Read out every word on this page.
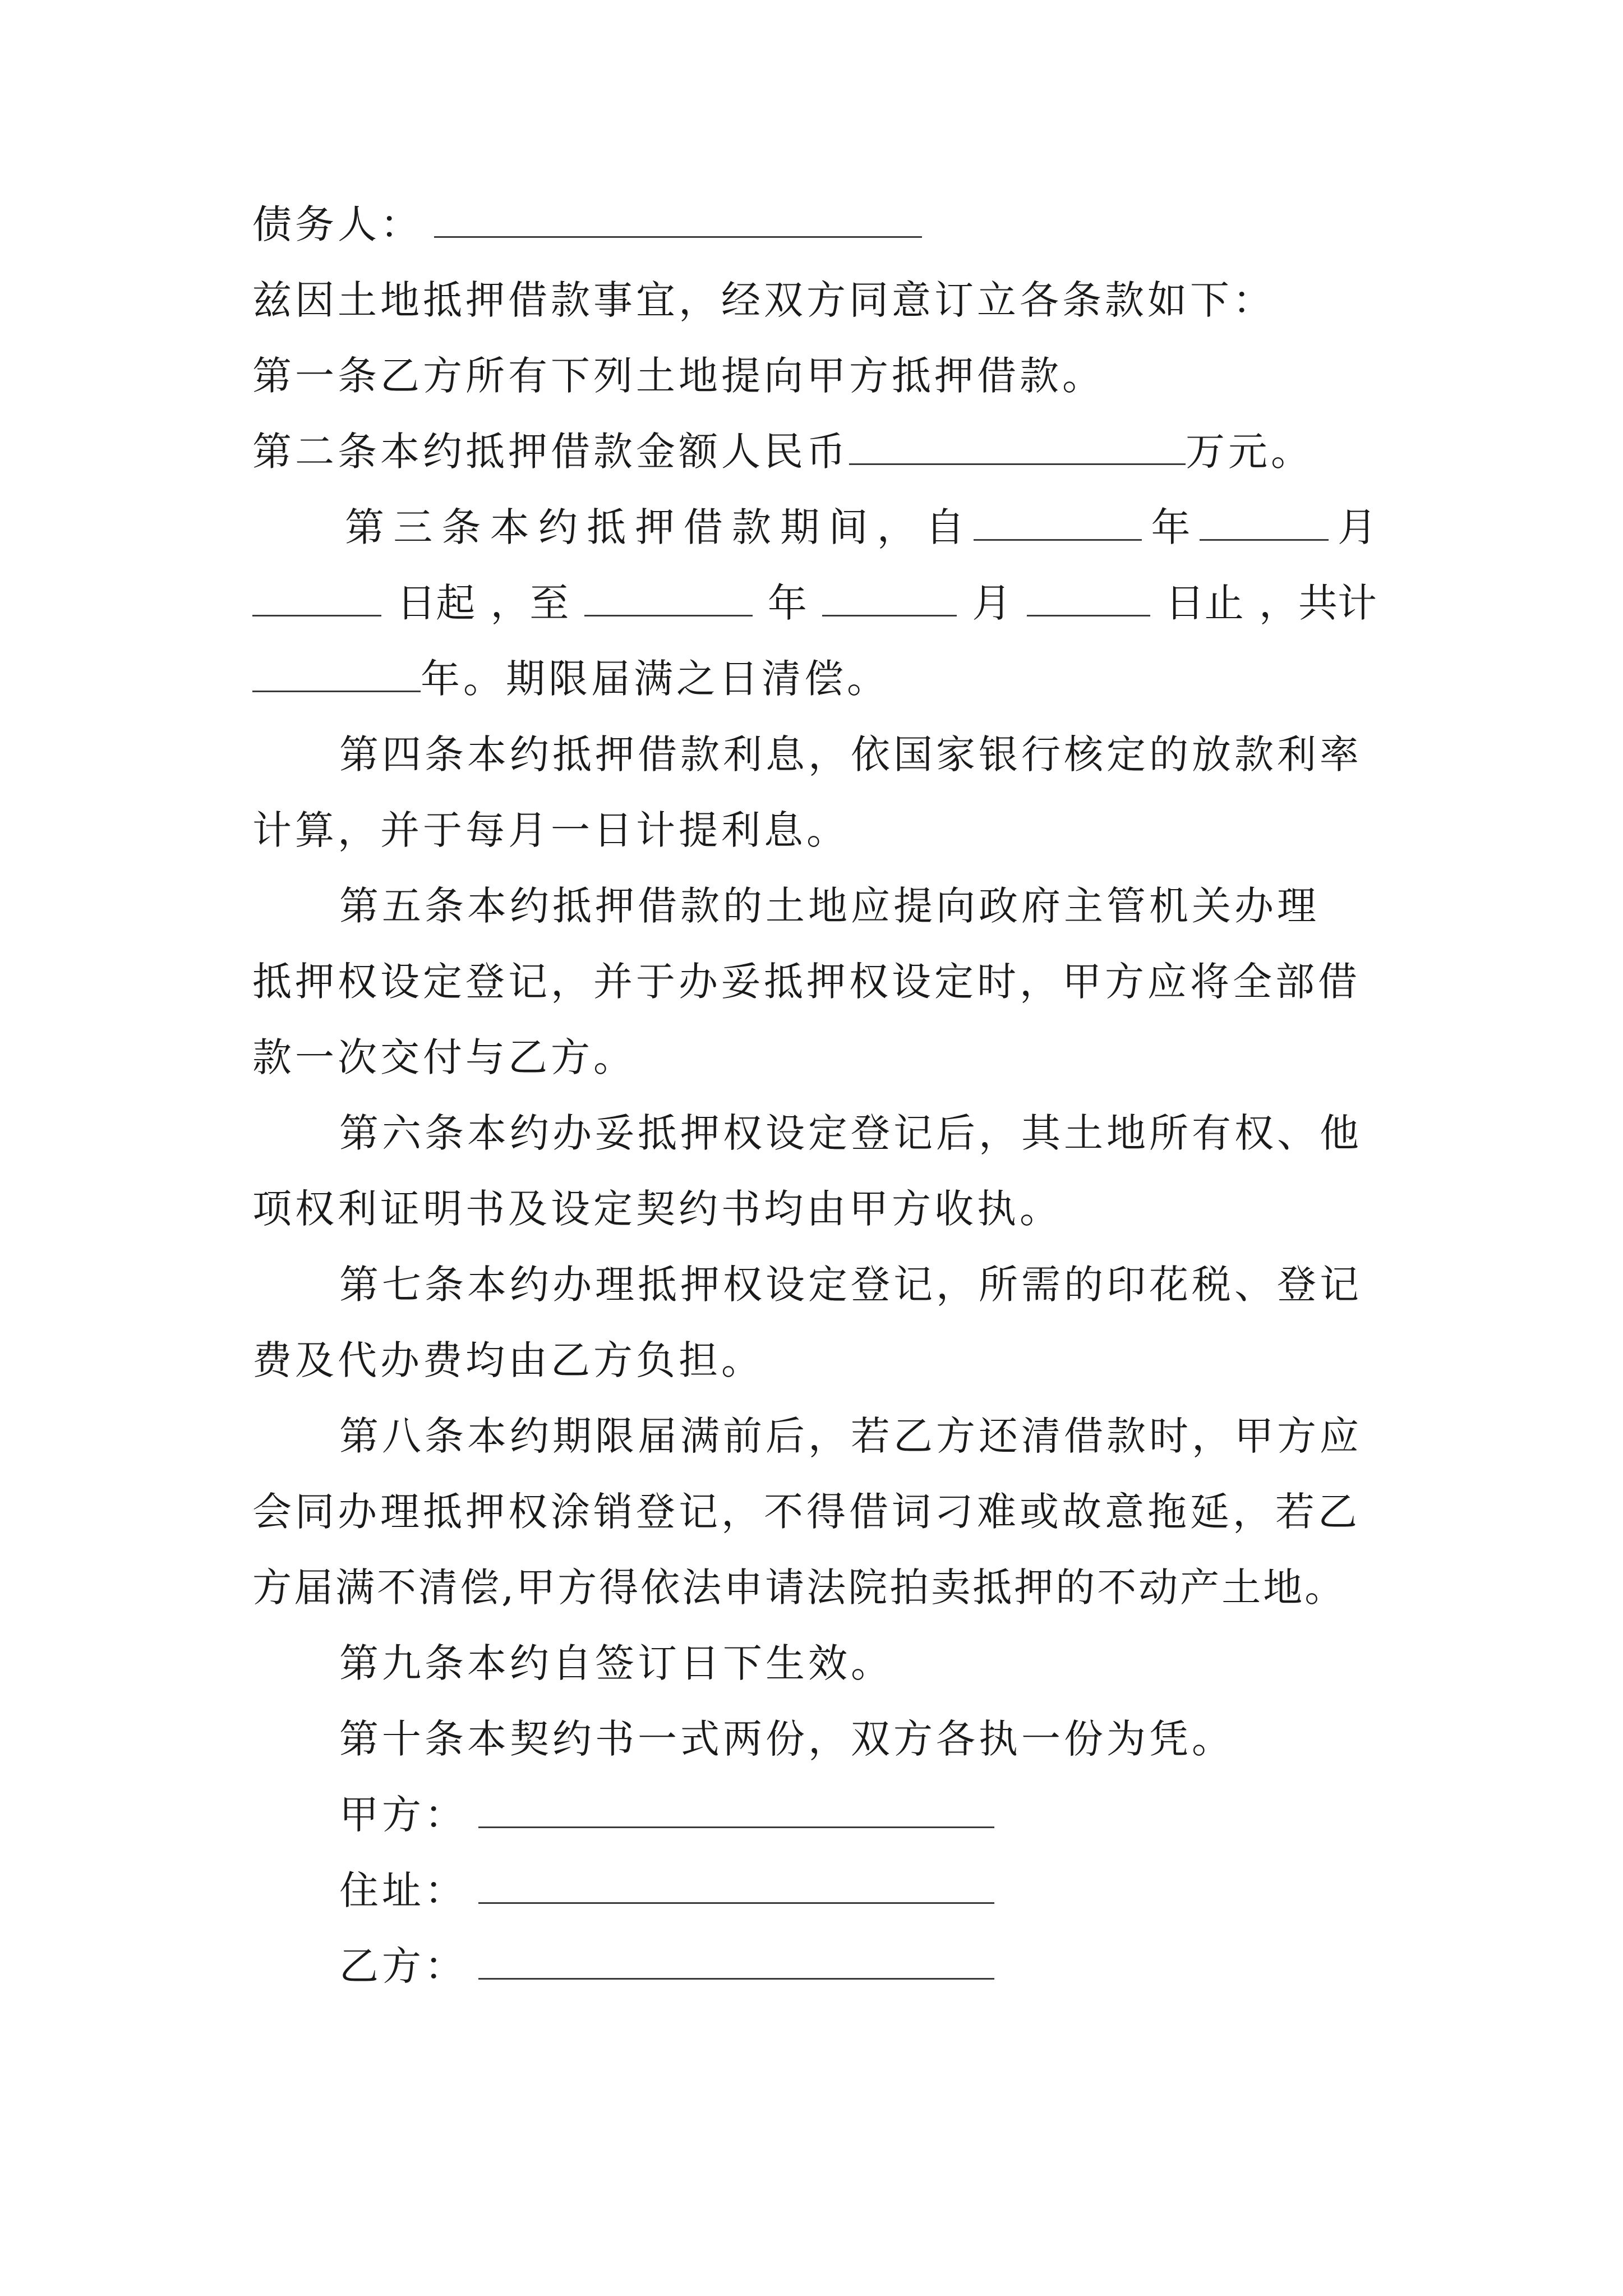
债务人：
兹因土地抵押借款事宜，经双方同意订立各条款如下：
第一条乙方所有下列土地提向甲方抵押借款。
第二条本约抵押借款金额人民币	万元。
第 三 条 本 约 抵 押 借 款 期 间 ， 自	年	月
日起 ，至	年	月	日止 ，共计
年。期限届满之日清偿。
第四条本约抵押借款利息，依国家银行核定的放款利率
计算，并于每月一日计提利息。
第五条本约抵押借款的土地应提向政府主管机关办理
抵押权设定登记，并于办妥抵押权设定时，甲方应将全部借
款一次交付与乙方。
第六条本约办妥抵押权设定登记后，其土地所有权、他
项权利证明书及设定契约书均由甲方收执。
第七条本约办理抵押权设定登记，所需的印花税、登记
费及代办费均由乙方负担。
第八条本约期限届满前后，若乙方还清借款时，甲方应
会同办理抵押权涂销登记，不得借词刁难或故意拖延，若乙
方届满不清偿,甲方得依法申请法院拍卖抵押的不动产土地。
第九条本约自签订日下生效。
第十条本契约书一式两份，双方各执一份为凭。
甲方：
住址：
乙方：
